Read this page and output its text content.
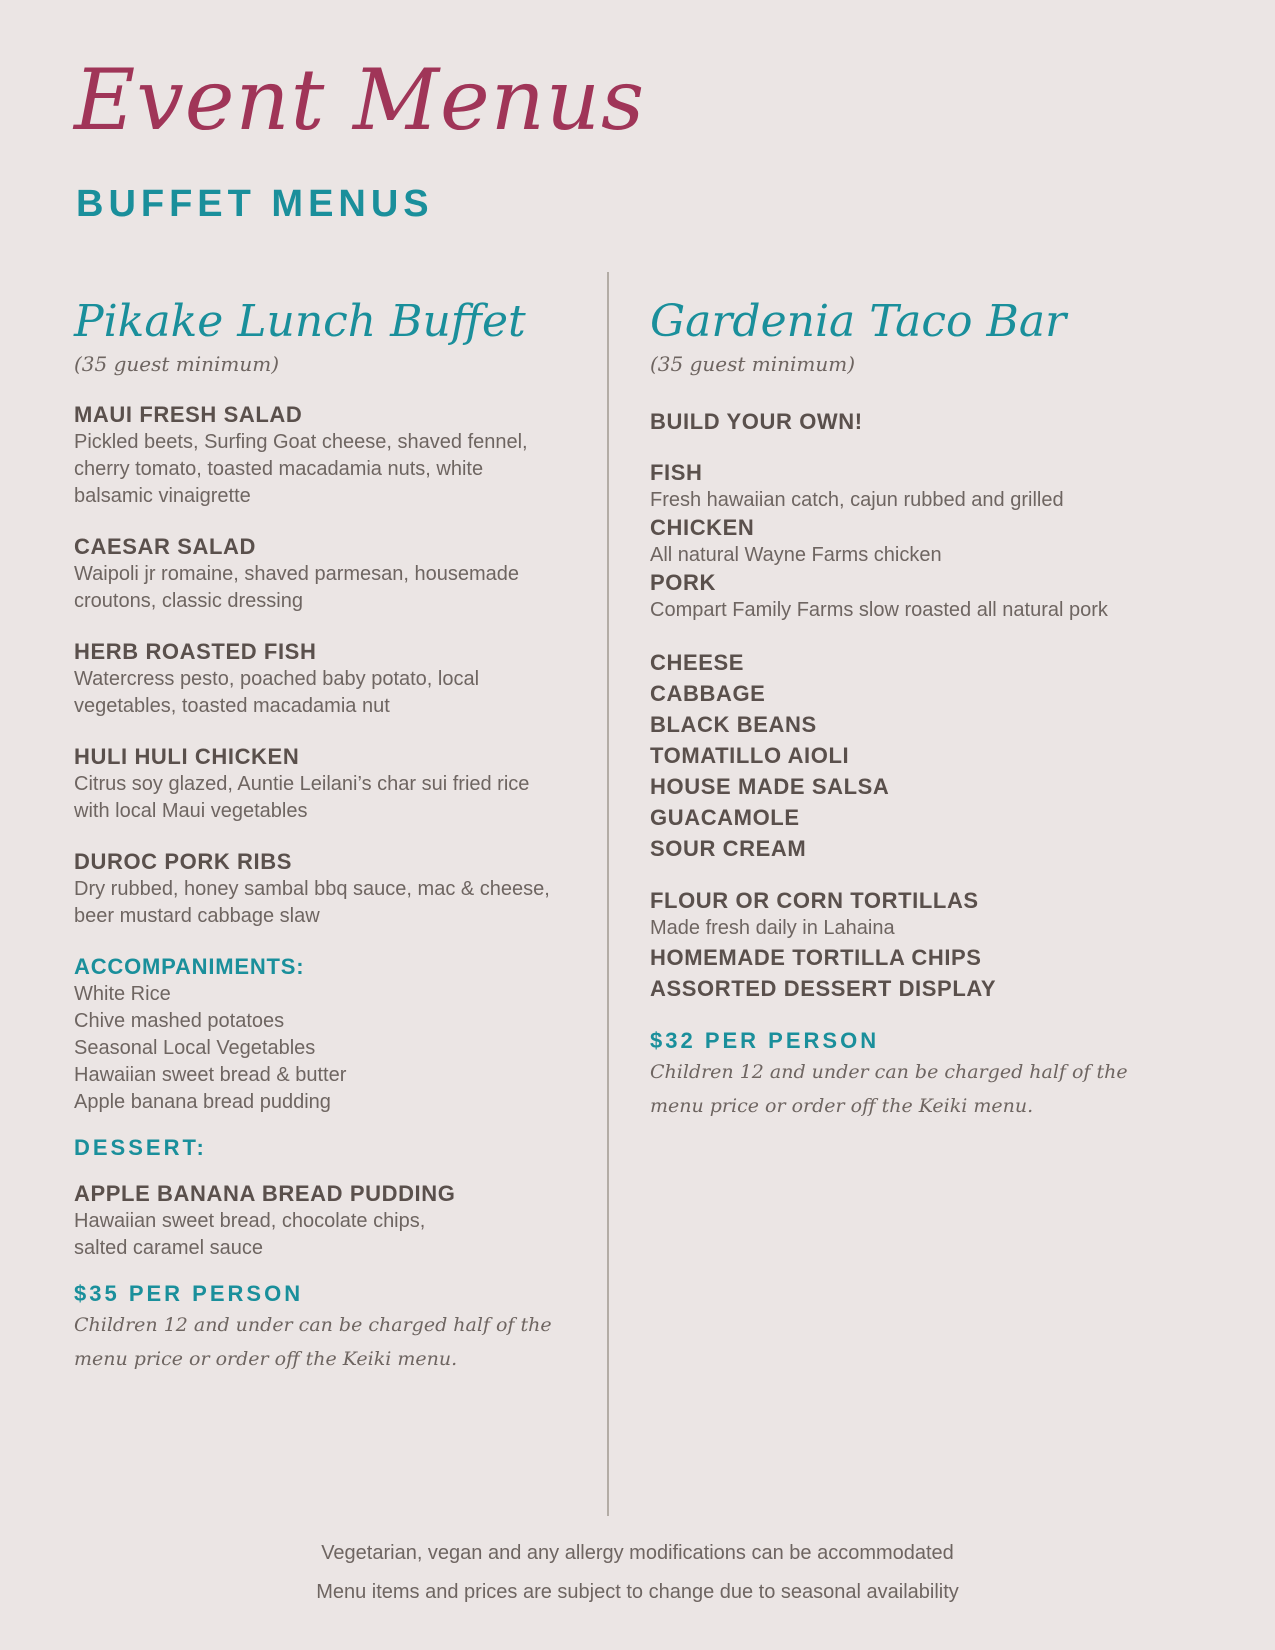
Event Menus
BUFFET MENUS
Pikake Lunch Buffet
(35 guest minimum)
MAUI FRESH SALAD
Pickled beets, Surfing Goat cheese, shaved fennel,
cherry tomato, toasted macadamia nuts, white
balsamic vinaigrette
CAESAR SALAD
Waipoli jr romaine, shaved parmesan, housemade
croutons, classic dressing
HERB ROASTED FISH
Watercress pesto, poached baby potato, local
vegetables, toasted macadamia nut
HULI HULI CHICKEN
Citrus soy glazed, Auntie Leilani’s char sui fried rice
with local Maui vegetables
DUROC PORK RIBS
Dry rubbed, honey sambal bbq sauce, mac & cheese,
beer mustard cabbage slaw
ACCOMPANIMENTS:
White Rice
Chive mashed potatoes
Seasonal Local Vegetables
Hawaiian sweet bread & butter
Apple banana bread pudding
DESSERT:
APPLE BANANA BREAD PUDDING
Hawaiian sweet bread, chocolate chips,
salted caramel sauce
$35 PER PERSON
Children 12 and under can be charged half of the
menu price or order off the Keiki menu.
Gardenia Taco Bar
(35 guest minimum)
BUILD YOUR OWN!
FISH
Fresh hawaiian catch, cajun rubbed and grilled
CHICKEN
All natural Wayne Farms chicken
PORK
Compart Family Farms slow roasted all natural pork
CHEESE
CABBAGE
BLACK BEANS
TOMATILLO AIOLI
HOUSE MADE SALSA
GUACAMOLE
SOUR CREAM
FLOUR OR CORN TORTILLAS
Made fresh daily in Lahaina
HOMEMADE TORTILLA CHIPS
ASSORTED DESSERT DISPLAY
$32 PER PERSON
Children 12 and under can be charged half of the
menu price or order off the Keiki menu.
Vegetarian, vegan and any allergy modifications can be accommodated
Menu items and prices are subject to change due to seasonal availability
